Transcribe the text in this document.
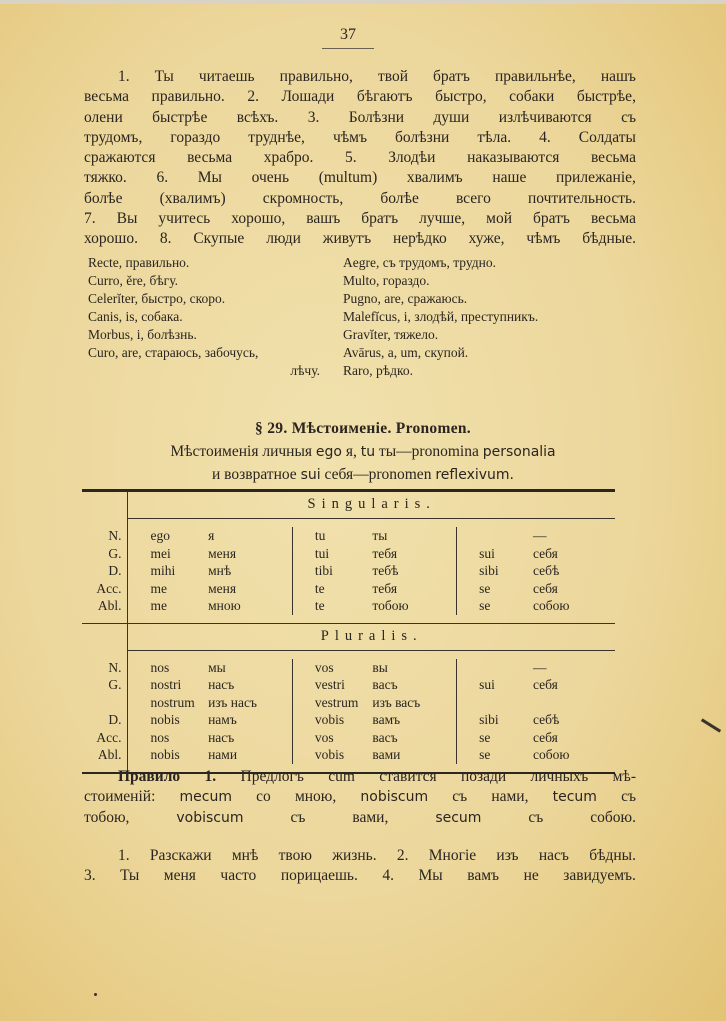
37
1. Ты читаешь правильно, твой братъ правильнѣе, нашъ
весьма правильно. 2. Лошади бѣгаютъ быстро, собаки быстрѣе,
олени быстрѣе всѣхъ. 3. Болѣзни души излѣчиваются съ
трудомъ, гораздо труднѣе, чѣмъ болѣзни тѣла. 4. Солдаты
сражаются весьма храбро. 5. Злодѣи наказываются весьма
тяжко. 6. Мы очень (multum) хвалимъ наше прилежаніе,
болѣе (хвалимъ) скромность, болѣе всего почтительность.
7. Вы учитесь хорошо, вашъ братъ лучше, мой братъ весьма
хорошо. 8. Скупые люди живутъ нерѣдко хуже, чѣмъ бѣдные.
Recte, правильно.
Curro, ĕre, бѣгу.
Celerĭter, быстро, скоро.
Canis, is, собака.
Morbus, i, болѣзнь.
Curo, are, стараюсь, забочусь,
лѣчу.
Aegre, съ трудомъ, трудно.
Multo, гораздо.
Pugno, are, сражаюсь.
Malefĭcus, i, злодѣй, преступникъ.
Gravĭter, тяжело.
Avārus, a, um, скупой.
Raro, рѣдко.
§ 29. Мѣстоименіе. Pronomen.
Мѣстоименія личныя ego я, tu ты—pronomina personalia
и возвратное sui себя—pronomen reflexivum.
	Singularis.					

N.	ego	я	tu	ты		—
G.	mei	меня	tui	тебя	sui	себя
D.	mihi	мнѣ	tibi	тебѣ	sibi	себѣ
Acc.	me	меня	te	тебя	se	себя
Abl.	me	мною	te	тобою	se	собою

	Pluralis.					

N.	nos	мы	vos	вы		—
G.	nostri	насъ	vestri	васъ	sui	себя
	nostrum	изъ насъ	vestrum	изъ васъ		
D.	nobis	намъ	vobis	вамъ	sibi	себѣ
Acc.	nos	насъ	vos	васъ	se	себя
Abl.	nobis	нами	vobis	вами	se	собою

Правило 1. Предлогъ cum ставится позади личныхъ мѣ-
стоименій: mecum со мною, nobiscum съ нами, tecum съ
тобою, vobiscum съ вами, secum съ собою.
1. Разскажи мнѣ твою жизнь. 2. Многіе изъ насъ бѣдны.
3. Ты меня часто порицаешь. 4. Мы вамъ не завидуемъ.
